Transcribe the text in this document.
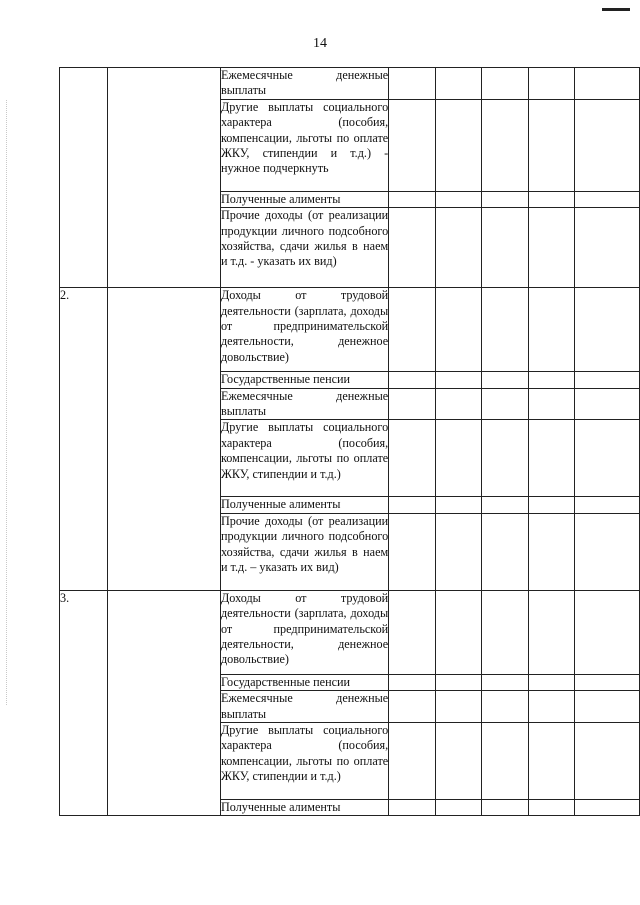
14
		Ежемесячные денежные выплаты					
		Другие выплаты социального характера (пособия, компенсации, льготы по оплате ЖКУ, стипендии и т.д.) - нужное подчеркнуть					
		Полученные алименты					
		Прочие доходы (от реализации продукции личного подсобного хозяйства, сдачи жилья в наем и т.д. - указать их вид)					
2.		Доходы от трудовой деятельности (зарплата, доходы от предпринимательской деятельности, денежное довольствие)					
		Государственные пенсии					
		Ежемесячные денежные выплаты					
		Другие выплаты социального характера (пособия, компенсации, льготы по оплате ЖКУ, стипендии и т.д.)					
		Полученные алименты					
		Прочие доходы (от реализации продукции личного подсобного хозяйства, сдачи жилья в наем и т.д. – указать их вид)					
3.		Доходы от трудовой деятельности (зарплата, доходы от предпринимательской деятельности, денежное довольствие)					
		Государственные пенсии					
		Ежемесячные денежные выплаты					
		Другие выплаты социального характера (пособия, компенсации, льготы по оплате ЖКУ, стипендии и т.д.)					
		Полученные алименты					
